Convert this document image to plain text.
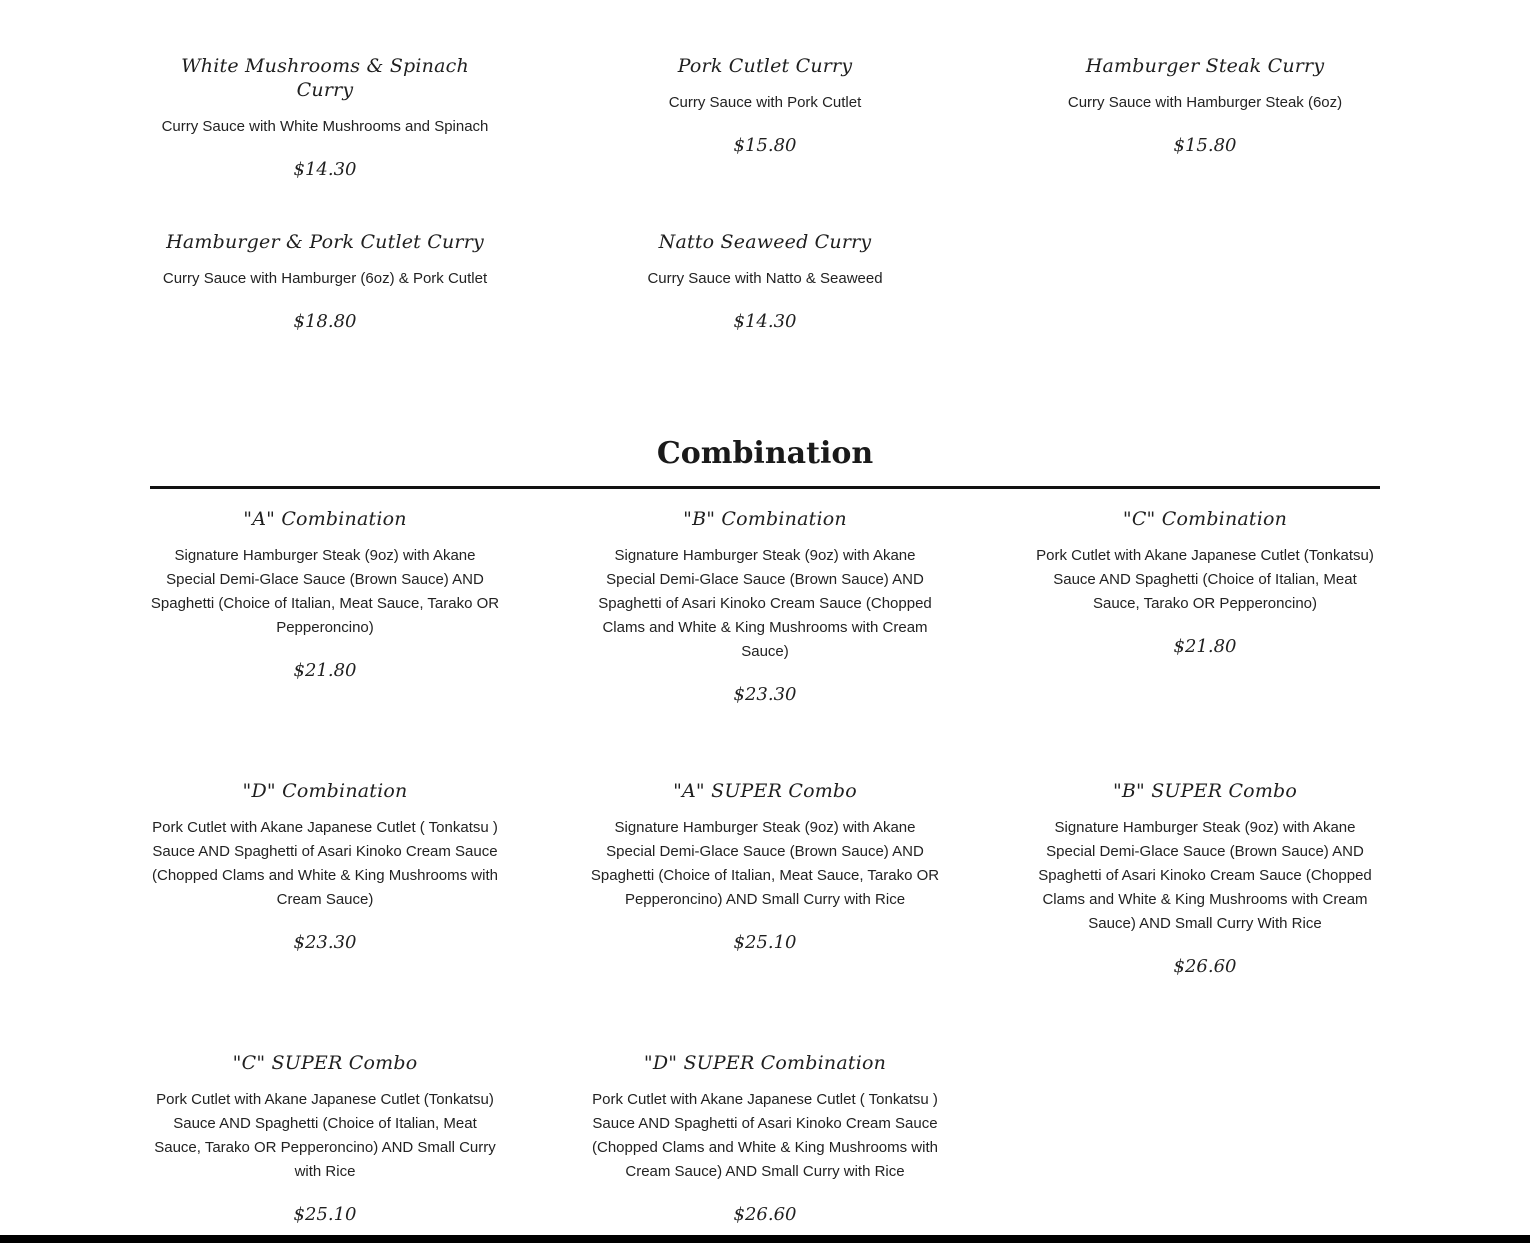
White Mushrooms & Spinach Curry

Curry Sauce with White Mushrooms and Spinach

$14.30

Pork Cutlet Curry

Curry Sauce with Pork Cutlet

$15.80

Hamburger Steak Curry

Curry Sauce with Hamburger Steak (6oz)

$15.80

Hamburger & Pork Cutlet Curry

Curry Sauce with Hamburger (6oz) & Pork Cutlet

$18.80

Natto Seaweed Curry

Curry Sauce with Natto & Seaweed

$14.30

Combination

"A" Combination

Signature Hamburger Steak (9oz) with Akane Special Demi-Glace Sauce (Brown Sauce) AND Spaghetti (Choice of Italian, Meat Sauce, Tarako OR Pepperoncino)

$21.80

"B" Combination

Signature Hamburger Steak (9oz) with Akane Special Demi-Glace Sauce (Brown Sauce) AND Spaghetti of Asari Kinoko Cream Sauce (Chopped Clams and White & King Mushrooms with Cream Sauce)

$23.30

"C" Combination

Pork Cutlet with Akane Japanese Cutlet (Tonkatsu) Sauce AND Spaghetti (Choice of Italian, Meat Sauce, Tarako OR Pepperoncino)

$21.80

"D" Combination

Pork Cutlet with Akane Japanese Cutlet ( Tonkatsu ) Sauce AND Spaghetti of Asari Kinoko Cream Sauce (Chopped Clams and White & King Mushrooms with Cream Sauce)

$23.30

"A" SUPER Combo

Signature Hamburger Steak (9oz) with Akane Special Demi-Glace Sauce (Brown Sauce) AND Spaghetti (Choice of Italian, Meat Sauce, Tarako OR Pepperoncino) AND Small Curry with Rice

$25.10

"B" SUPER Combo

Signature Hamburger Steak (9oz) with Akane Special Demi-Glace Sauce (Brown Sauce) AND Spaghetti of Asari Kinoko Cream Sauce (Chopped Clams and White & King Mushrooms with Cream Sauce) AND Small Curry With Rice

$26.60

"C" SUPER Combo

Pork Cutlet with Akane Japanese Cutlet (Tonkatsu) Sauce AND Spaghetti (Choice of Italian, Meat Sauce, Tarako OR Pepperoncino) AND Small Curry with Rice

$25.10

"D" SUPER Combination

Pork Cutlet with Akane Japanese Cutlet ( Tonkatsu ) Sauce AND Spaghetti of Asari Kinoko Cream Sauce (Chopped Clams and White & King Mushrooms with Cream Sauce) AND Small Curry with Rice

$26.60
